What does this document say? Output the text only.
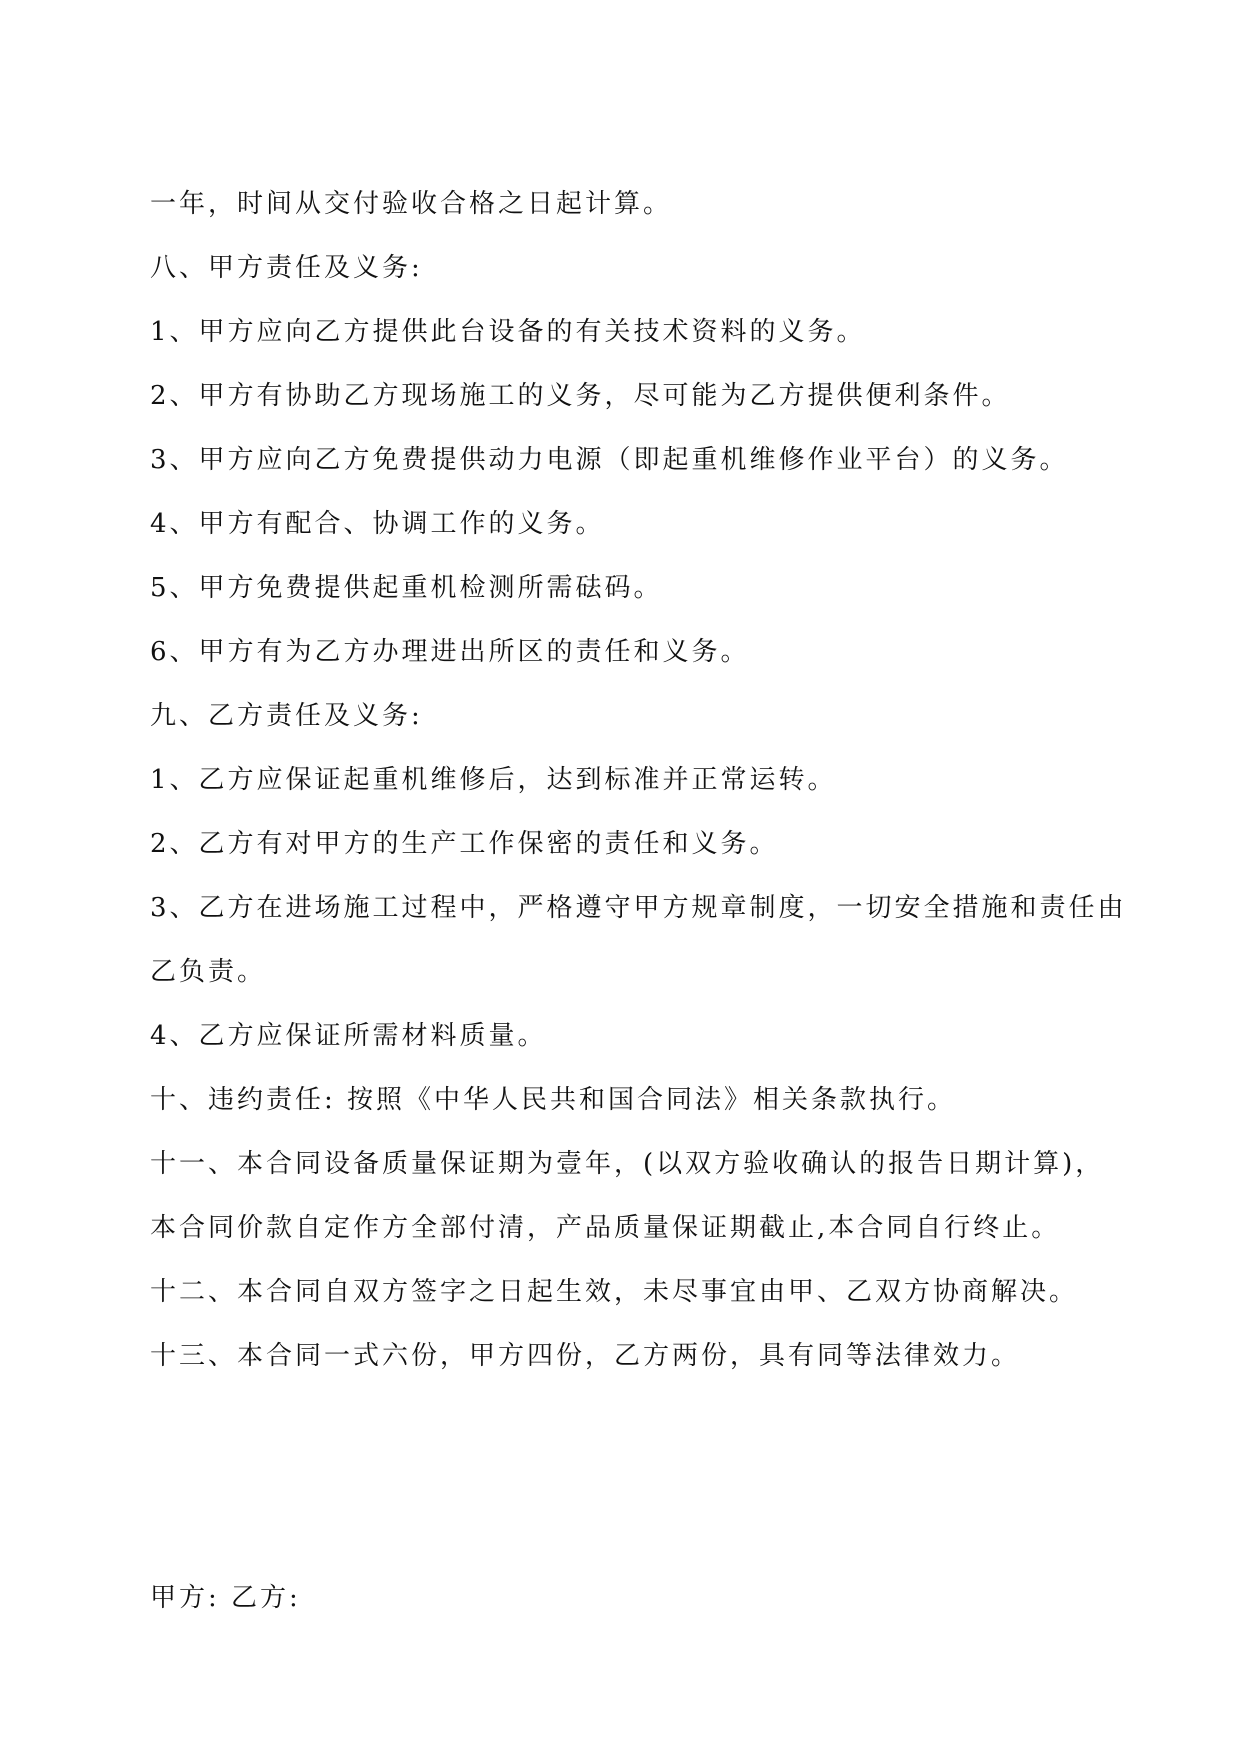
一年，时间从交付验收合格之日起计算。

八、甲方责任及义务:

1、甲方应向乙方提供此台设备的有关技术资料的义务。

2、甲方有协助乙方现场施工的义务，尽可能为乙方提供便利条件。

3、甲方应向乙方免费提供动力电源（即起重机维修作业平台）的义务。

4、甲方有配合、协调工作的义务。

5、甲方免费提供起重机检测所需砝码。

6、甲方有为乙方办理进出所区的责任和义务。

九、乙方责任及义务:

1、乙方应保证起重机维修后，达到标准并正常运转。

2、乙方有对甲方的生产工作保密的责任和义务。

3、乙方在进场施工过程中，严格遵守甲方规章制度，一切安全措施和责任由

乙负责。

4、乙方应保证所需材料质量。

十、违约责任: 按照《中华人民共和国合同法》相关条款执行。

十一、本合同设备质量保证期为壹年，(以双方验收确认的报告日期计算)，

本合同价款自定作方全部付清，产品质量保证期截止,本合同自行终止。

十二、本合同自双方签字之日起生效，未尽事宜由甲、乙双方协商解决。

十三、本合同一式六份，甲方四份，乙方两份，具有同等法律效力。

甲方: 乙方:
